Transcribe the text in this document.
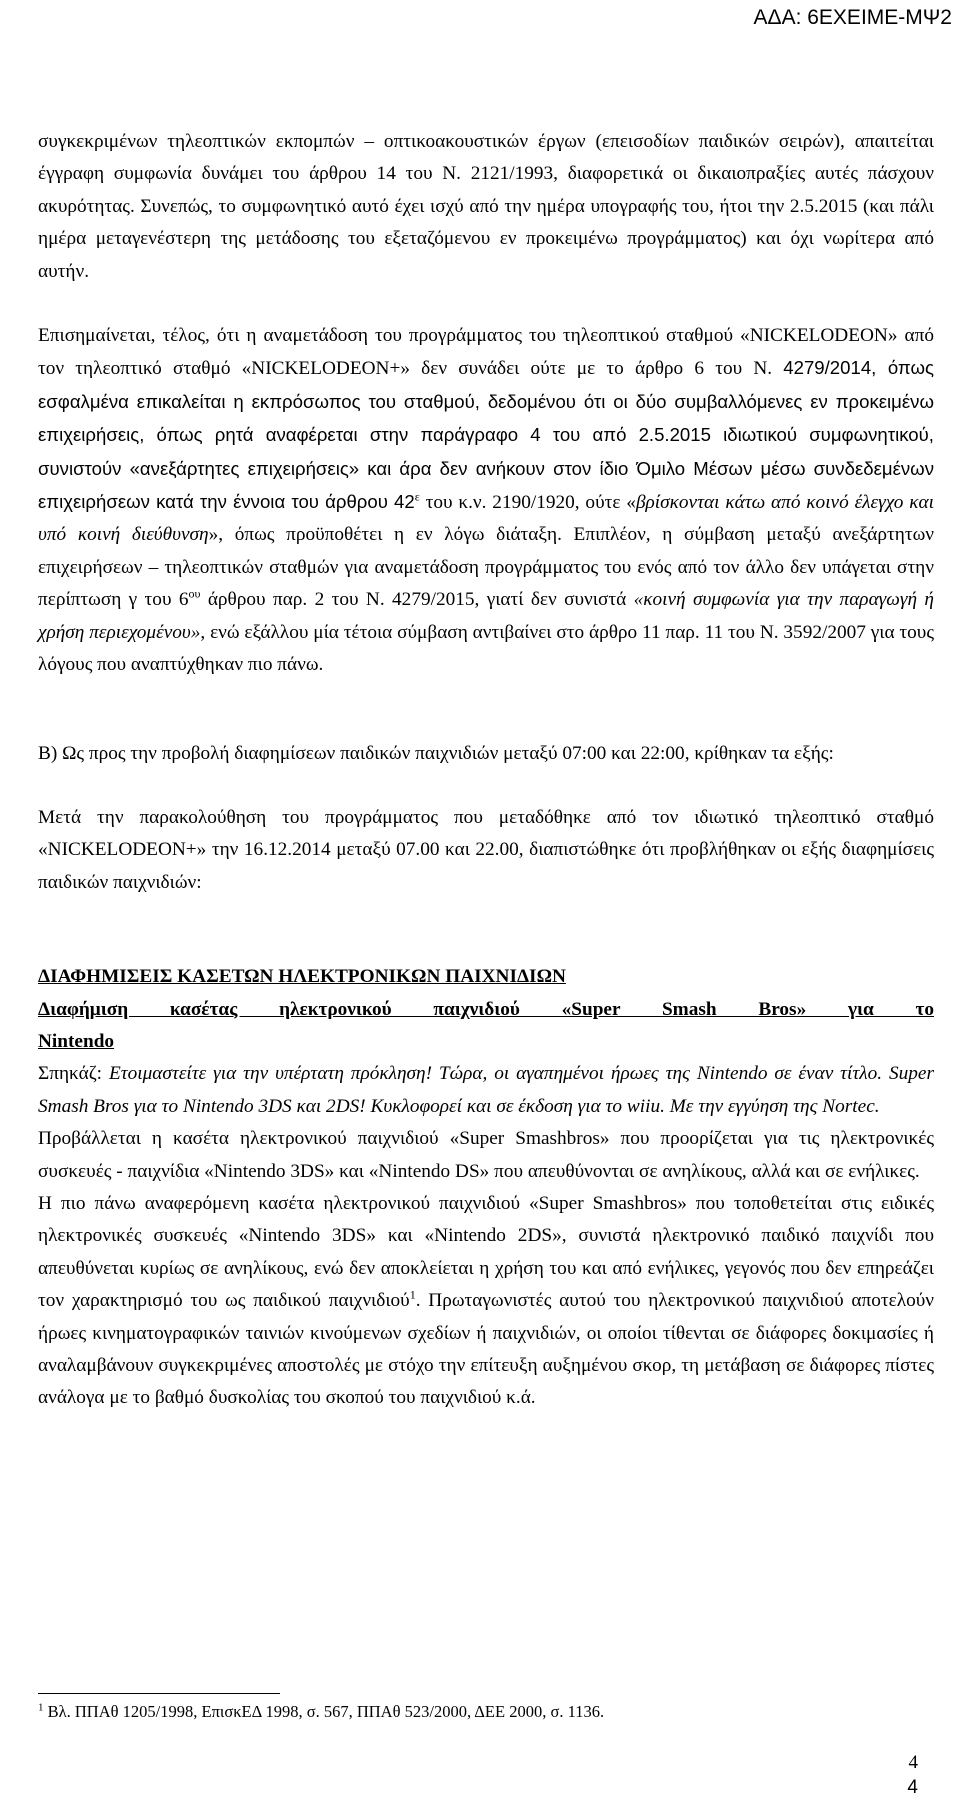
ΑΔΑ: 6ΕΧΕΙΜΕ-ΜΨ2

συγκεκριμένων τηλεοπτικών εκπομπών – οπτικοακουστικών έργων (επεισοδίων παιδικών σειρών), απαιτείται έγγραφη συμφωνία δυνάμει του άρθρου 14 του Ν. 2121/1993, διαφορετικά οι δικαιοπραξίες αυτές πάσχουν ακυρότητας. Συνεπώς, το συμφωνητικό αυτό έχει ισχύ από την ημέρα υπογραφής του, ήτοι την 2.5.2015 (και πάλι ημέρα μεταγενέστερη της μετάδοσης του εξεταζόμενου εν προκειμένω προγράμματος) και όχι νωρίτερα από αυτήν.

Επισημαίνεται, τέλος, ότι η αναμετάδοση του προγράμματος του τηλεοπτικού σταθμού «NICKELODEON» από τον τηλεοπτικό σταθμό «NICKELODEON+» δεν συνάδει ούτε με το άρθρο 6 του Ν. 4279/2014, όπως εσφαλμένα επικαλείται η εκπρόσωπος του σταθμού, δεδομένου ότι οι δύο συμβαλλόμενες εν προκειμένω επιχειρήσεις, όπως ρητά αναφέρεται στην παράγραφο 4 του από 2.5.2015 ιδιωτικού συμφωνητικού, συνιστούν «ανεξάρτητες επιχειρήσεις» και άρα δεν ανήκουν στον ίδιο Όμιλο Μέσων μέσω συνδεδεμένων επιχειρήσεων κατά την έννοια του άρθρου $42^\varepsilon$ του κ.ν. 2190/1920, ούτε «βρίσκονται κάτω από κοινό έλεγχο και υπό κοινή διεύθυνση», όπως προϋποθέτει η εν λόγω διάταξη. Επιπλέον, η σύμβαση μεταξύ ανεξάρτητων επιχειρήσεων – τηλεοπτικών σταθμών για αναμετάδοση προγράμματος του ενός από τον άλλο δεν υπάγεται στην περίπτωση γ του $6^{o\upsilon}$ άρθρου παρ. 2 του Ν. 4279/2015, γιατί δεν συνιστά «κοινή συμφωνία για την παραγωγή ή χρήση περιεχομένου», ενώ εξάλλου μία τέτοια σύμβαση αντιβαίνει στο άρθρο 11 παρ. 11 του Ν. 3592/2007 για τους λόγους που αναπτύχθηκαν πιο πάνω.

Β) Ως προς την προβολή διαφημίσεων παιδικών παιχνιδιών μεταξύ 07:00 και 22:00, κρίθηκαν τα εξής:

Μετά την παρακολούθηση του προγράμματος που μεταδόθηκε από τον ιδιωτικό τηλεοπτικό σταθμό «NICKELODEON+» την 16.12.2014 μεταξύ 07.00 και 22.00, διαπιστώθηκε ότι προβλήθηκαν οι εξής διαφημίσεις παιδικών παιχνιδιών:

ΔΙΑΦΗΜΙΣΕΙΣ ΚΑΣΕΤΩΝ ΗΛΕΚΤΡΟΝΙΚΩΝ ΠΑΙΧΝΙΔΙΩΝ

Διαφήμιση κασέτας ηλεκτρονικού παιχνιδιού «Super Smash Bros» για το

Nintendo

Σπηκάζ: Ετοιμαστείτε για την υπέρτατη πρόκληση! Τώρα, οι αγαπημένοι ήρωες της Nintendo σε έναν τίτλο. Super Smash Bros για το Nintendo 3DS και 2DS! Κυκλοφορεί και σε έκδοση για το wiiu. Με την εγγύηση της Nortec.

Προβάλλεται η κασέτα ηλεκτρονικού παιχνιδιού «Super Smashbros» που προορίζεται για τις ηλεκτρονικές συσκευές - παιχνίδια «Nintendo 3DS» και «Nintendo DS» που απευθύνονται σε ανηλίκους, αλλά και σε ενήλικες.

Η πιο πάνω αναφερόμενη κασέτα ηλεκτρονικού παιχνιδιού «Super Smashbros» που τοποθετείται στις ειδικές ηλεκτρονικές συσκευές «Nintendo 3DS» και «Nintendo 2DS», συνιστά ηλεκτρονικό παιδικό παιχνίδι που απευθύνεται κυρίως σε ανηλίκους, ενώ δεν αποκλείεται η χρήση του και από ενήλικες, γεγονός που δεν επηρεάζει τον χαρακτηρισμό του ως παιδικού παιχνιδιού$^1$. Πρωταγωνιστές αυτού του ηλεκτρονικού παιχνιδιού αποτελούν ήρωες κινηματογραφικών ταινιών κινούμενων σχεδίων ή παιχνιδιών, οι οποίοι τίθενται σε διάφορες δοκιμασίες ή αναλαμβάνουν συγκεκριμένες αποστολές με στόχο την επίτευξη αυξημένου σκορ, τη μετάβαση σε διάφορες πίστες ανάλογα με το βαθμό δυσκολίας του σκοπού του παιχνιδιού κ.ά.

$^1$ Βλ. ΠΠΑθ 1205/1998, ΕπισκΕΔ 1998, σ. 567, ΠΠΑθ 523/2000, ΔΕΕ 2000, σ. 1136.
4
4
